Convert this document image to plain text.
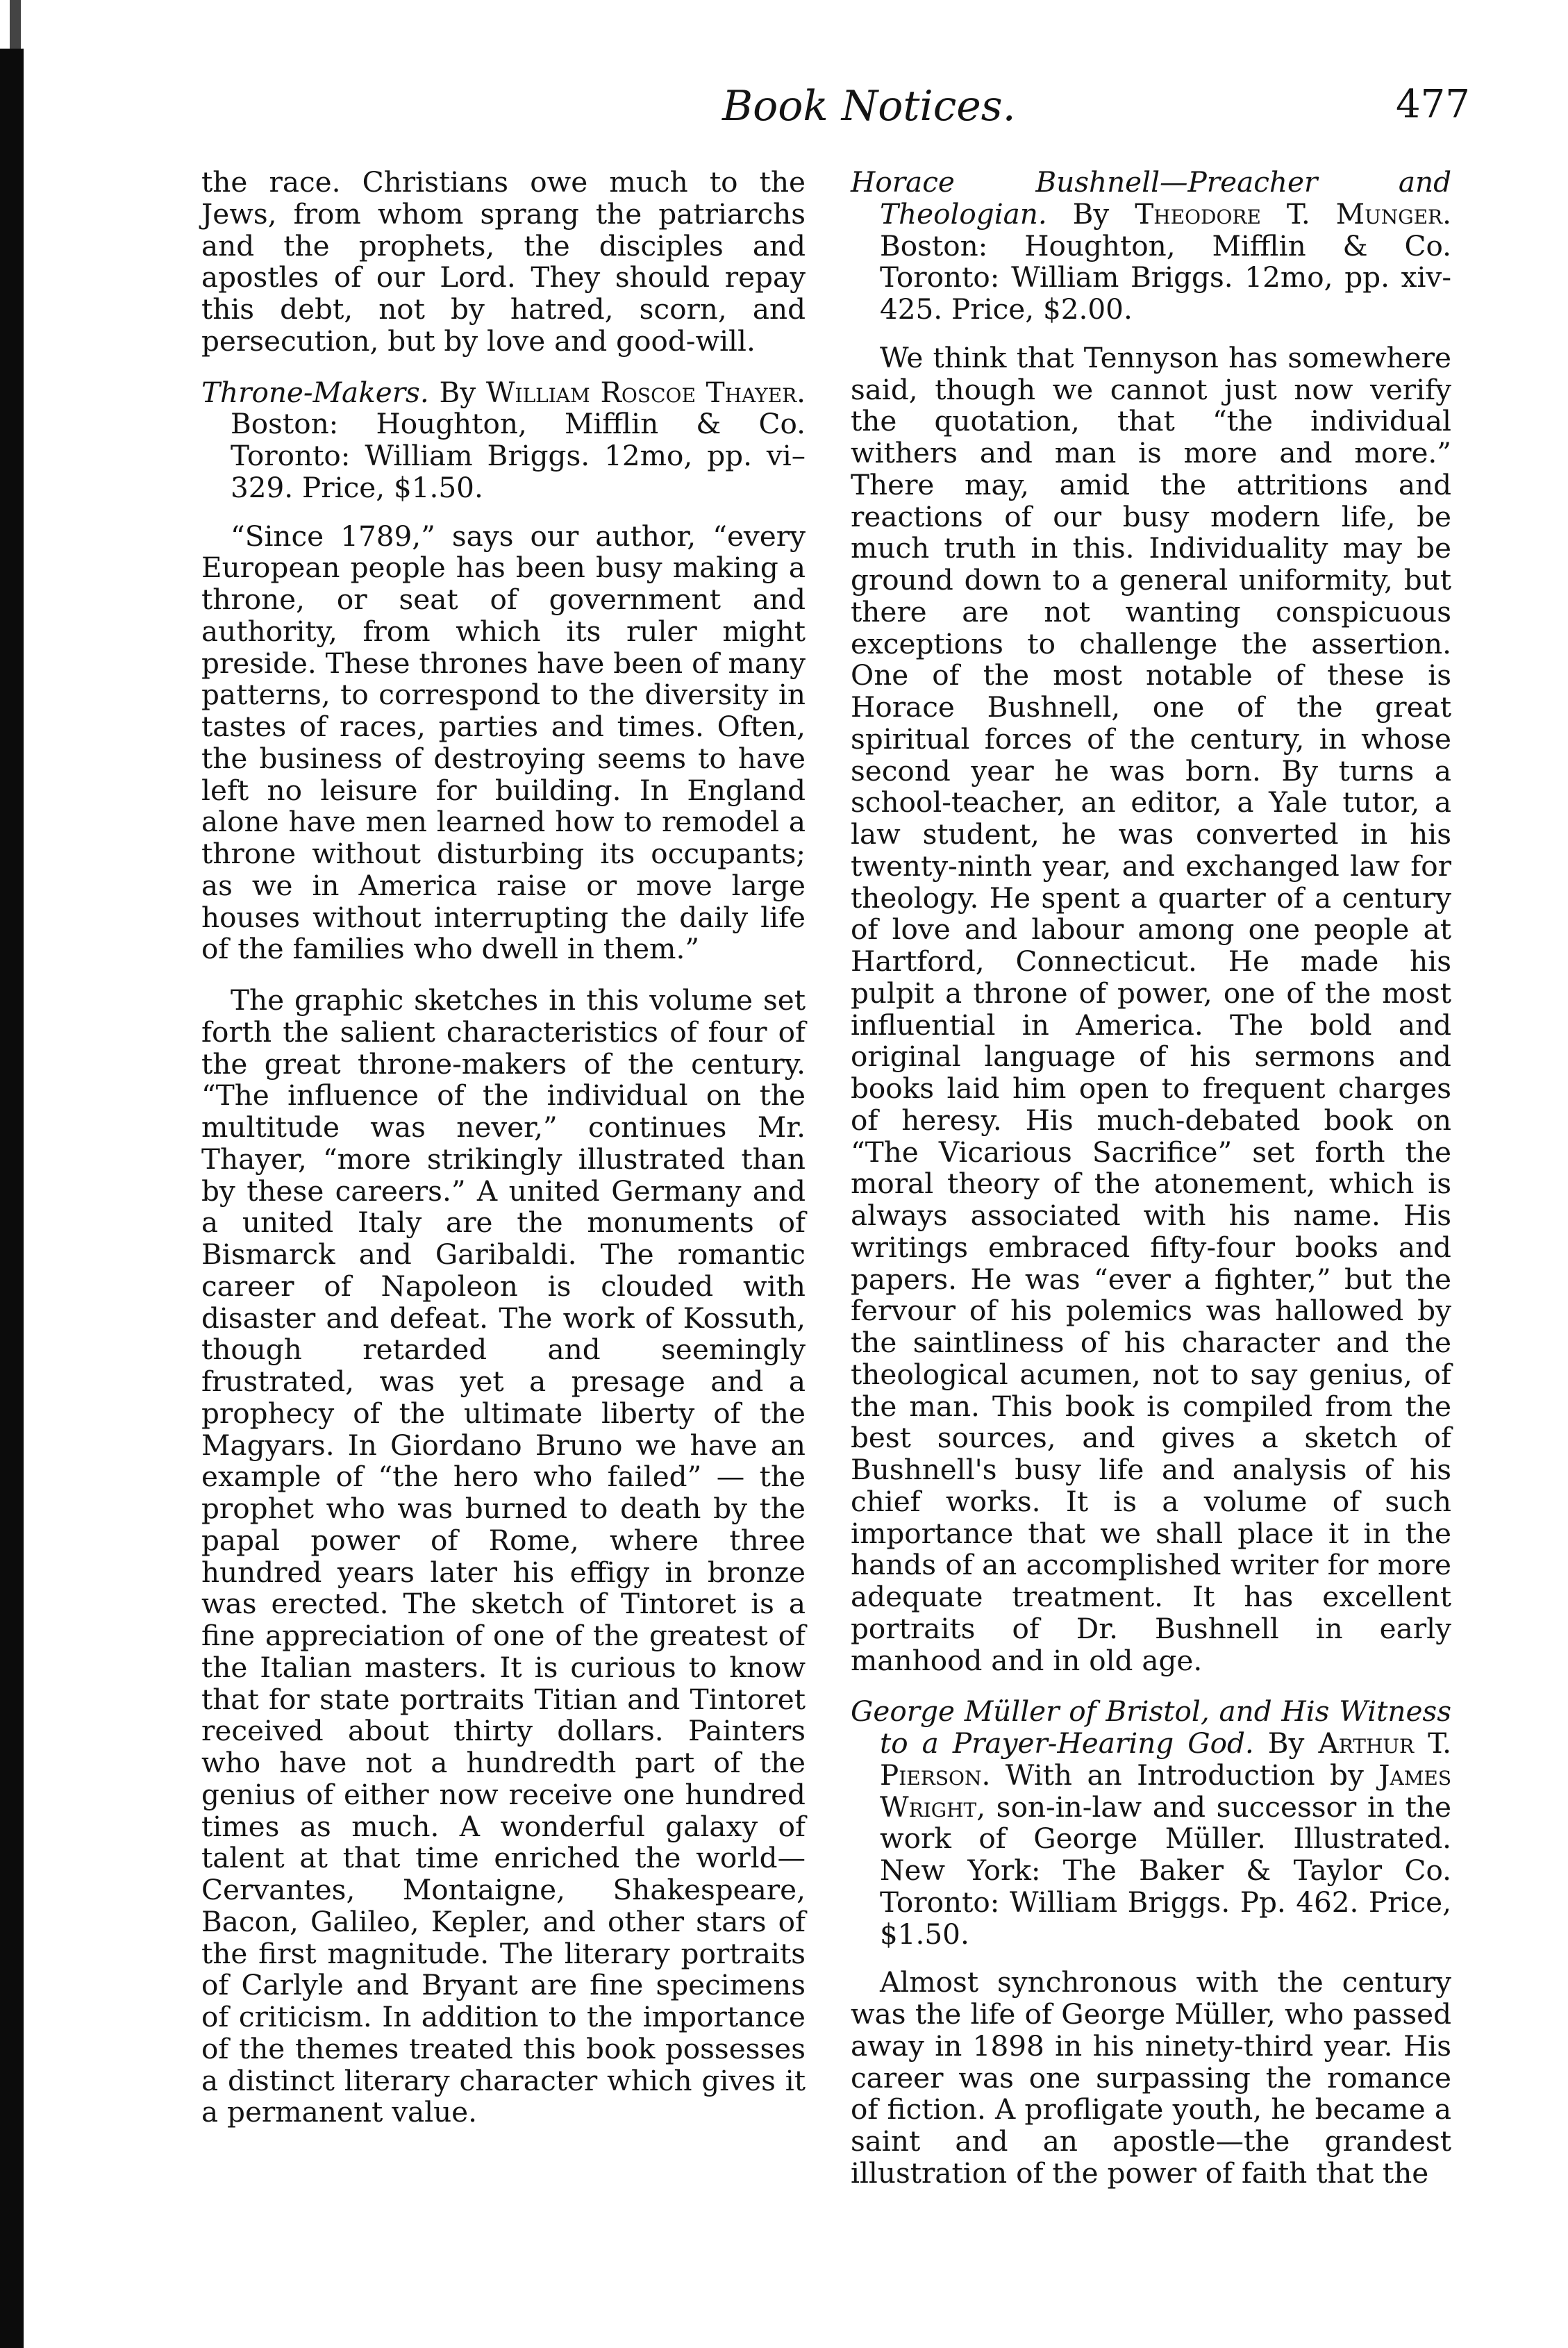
Book Notices.	477

the race. Christians owe much to the Jews, from whom sprang the patriarchs and the prophets, the disciples and apostles of our Lord. They should repay this debt, not by hatred, scorn, and persecution, but by love and good-will.

Throne-Makers. By William Roscoe Thayer. Boston: Houghton, Mifflin & Co. Toronto: William Briggs. 12mo, pp. vi–329. Price, $1.50.

“Since 1789,” says our author, “every European people has been busy making a throne, or seat of government and authority, from which its ruler might preside. These thrones have been of many patterns, to correspond to the diversity in tastes of races, parties and times. Often, the business of destroying seems to have left no leisure for building. In England alone have men learned how to remodel a throne without disturbing its occupants; as we in America raise or move large houses without interrupting the daily life of the families who dwell in them.”

The graphic sketches in this volume set forth the salient characteristics of four of the great throne-makers of the century. “The influence of the individual on the multitude was never,” continues Mr. Thayer, “more strikingly illustrated than by these careers.” A united Germany and a united Italy are the monuments of Bismarck and Garibaldi. The romantic career of Napoleon is clouded with disaster and defeat. The work of Kossuth, though retarded and seemingly frustrated, was yet a presage and a prophecy of the ultimate liberty of the Magyars. In Giordano Bruno we have an example of “the hero who failed” — the prophet who was burned to death by the papal power of Rome, where three hundred years later his effigy in bronze was erected. The sketch of Tintoret is a fine appreciation of one of the greatest of the Italian masters. It is curious to know that for state portraits Titian and Tintoret received about thirty dollars. Painters who have not a hundredth part of the genius of either now receive one hundred times as much. A wonderful galaxy of talent at that time enriched the world—Cervantes, Montaigne, Shakespeare, Bacon, Galileo, Kepler, and other stars of the first magnitude. The literary portraits of Carlyle and Bryant are fine specimens of criticism. In addition to the importance of the themes treated this book possesses a distinct literary character which gives it a permanent value.

Horace Bushnell—Preacher and Theologian. By Theodore T. Munger. Boston: Houghton, Mifflin & Co. Toronto: William Briggs. 12mo, pp. xiv-425. Price, $2.00.

We think that Tennyson has somewhere said, though we cannot just now verify the quotation, that “the individual withers and man is more and more.” There may, amid the attritions and reactions of our busy modern life, be much truth in this. Individuality may be ground down to a general uniformity, but there are not wanting conspicuous exceptions to challenge the assertion. One of the most notable of these is Horace Bushnell, one of the great spiritual forces of the century, in whose second year he was born. By turns a school-teacher, an editor, a Yale tutor, a law student, he was converted in his twenty-ninth year, and exchanged law for theology. He spent a quarter of a century of love and labour among one people at Hartford, Connecticut. He made his pulpit a throne of power, one of the most influential in America. The bold and original language of his sermons and books laid him open to frequent charges of heresy. His much-debated book on “The Vicarious Sacrifice” set forth the moral theory of the atonement, which is always associated with his name. His writings embraced fifty-four books and papers. He was “ever a fighter,” but the fervour of his polemics was hallowed by the saintliness of his character and the theological acumen, not to say genius, of the man. This book is compiled from the best sources, and gives a sketch of Bushnell's busy life and analysis of his chief works. It is a volume of such importance that we shall place it in the hands of an accomplished writer for more adequate treatment. It has excellent portraits of Dr. Bushnell in early manhood and in old age.

George Müller of Bristol, and His Witness to a Prayer-Hearing God. By Arthur T. Pierson. With an Introduction by James Wright, son-in-law and successor in the work of George Müller. Illustrated. New York: The Baker & Taylor Co. Toronto: William Briggs. Pp. 462. Price, $1.50.

Almost synchronous with the century was the life of George Müller, who passed away in 1898 in his ninety-third year. His career was one surpassing the romance of fiction. A profligate youth, he became a saint and an apostle—the grandest illustration of the power of faith that the
